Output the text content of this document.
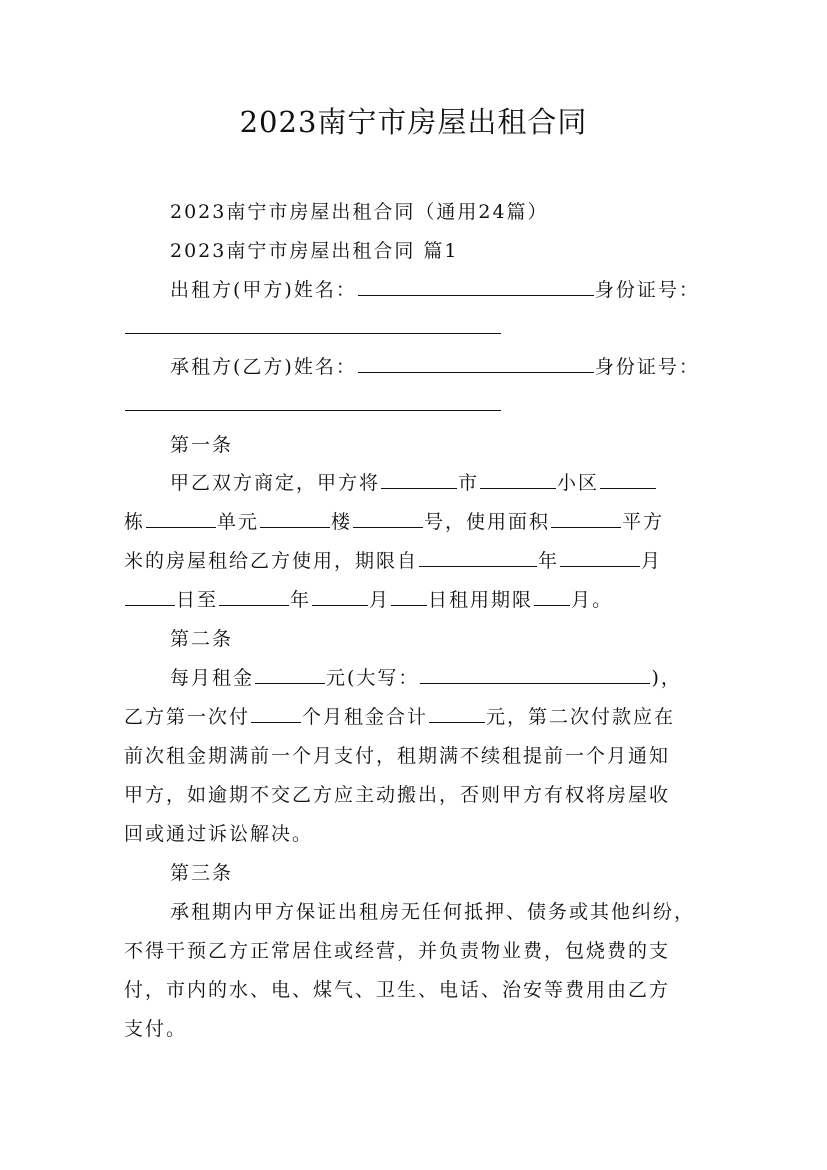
2023南宁市房屋出租合同
2023南宁市房屋出租合同（通用24篇）
2023南宁市房屋出租合同 篇1
出租方(甲方)姓名：	身份证号：
承租方(乙方)姓名：	身份证号：
第一条
甲乙双方商定，甲方将	市	小区
栋	单元	楼	号，使用面积	平方
米的房屋租给乙方使用，期限自	年	月
日至	年	月 日租用期限 月。
第二条
每月租金	元(大写：	)，
乙方第一次付	个月租金合计	元，第二次付款应在
前次租金期满前一个月支付，租期满不续租提前一个月通知
甲方，如逾期不交乙方应主动搬出，否则甲方有权将房屋收
回或通过诉讼解决。
第三条
承租期内甲方保证出租房无任何抵押、债务或其他纠纷，
不得干预乙方正常居住或经营，并负责物业费，包烧费的支
付，市内的水、电、煤气、卫生、电话、治安等费用由乙方
支付。
